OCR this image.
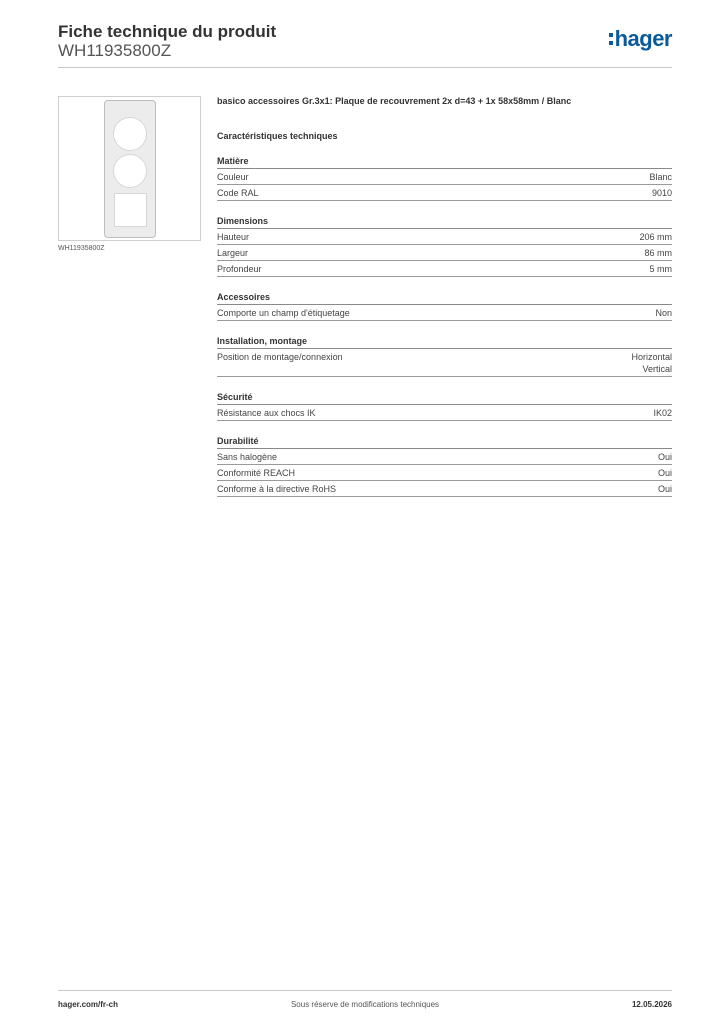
Fiche technique du produit
WH11935800Z	hager
WH11935800Z
basico accessoires Gr.3x1: Plaque de recouvrement 2x d=43 + 1x 58x58mm / Blanc
Caractéristiques techniques
Matière
Couleur	Blanc
Code RAL	9010
Dimensions
Hauteur	206 mm
Largeur	86 mm
Profondeur	5 mm
Accessoires
Comporte un champ d'étiquetage	Non
Installation, montage
Position de montage/connexion	Horizontal
Vertical
Sécurité
Résistance aux chocs IK	IK02
Durabilité
Sans halogène	Oui
Conformité REACH	Oui
Conforme à la directive RoHS	Oui
hager.com/fr-ch	Sous réserve de modifications techniques	12.05.2026
